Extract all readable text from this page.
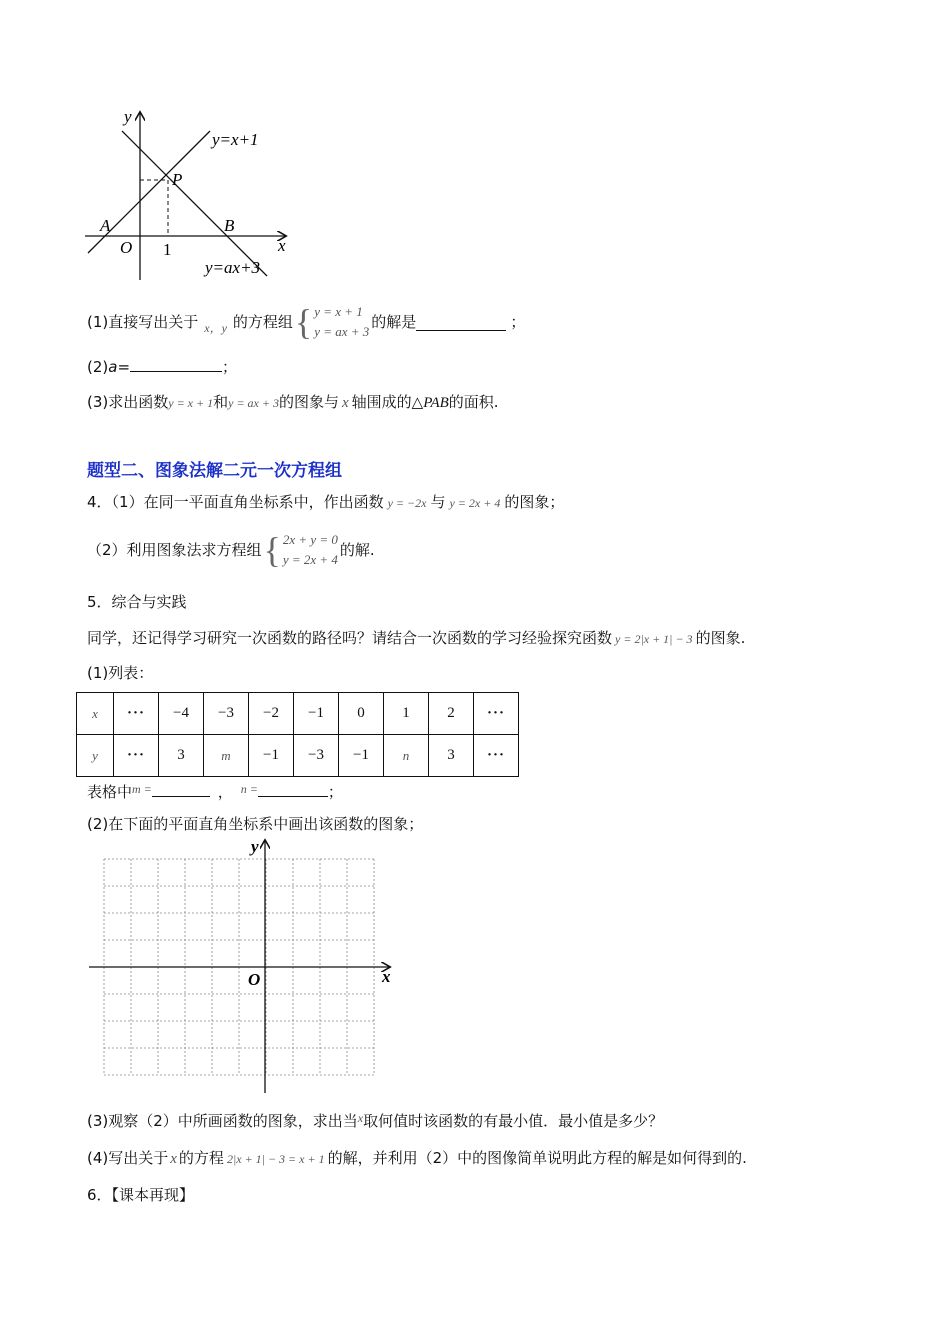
y
x
y=x+1
y=ax+3
P
A	B
O 1
(1)直接写出关于 x，y 的方程组 { y = x + 1
y = ax + 3
的解是	；
(2)a=	；
(3)求出函数y = x + 1和y = ax + 3的图象与 x 轴围成的△PAB的面积.
题型二、图象法解二元一次方程组
4．（1）在同一平面直角坐标系中，作出函数 y = −2x 与 y = 2x + 4 的图象；
（2）利用图象法求方程组 { 2x + y = 0
y = 2x + 4
的解.
5．综合与实践
同学，还记得学习研究一次函数的路径吗？请结合一次函数的学习经验探究函数 y = 2|x + 1| − 3 的图象.
(1)列表：
x	···	−4	−3	−2	−1	0	1	2	···
y	···	3	m	−1	−3	−1	n	3	···
表格中$^{m =}$	， $^{n =}$	；
(2)在下面的平面直角坐标系中画出该函数的图象；
y
x
O
(3)观察（2）中所画函数的图象，求出当$^x$取何值时该函数的有最小值．最小值是多少？
(4)写出关于 x 的方程 2|x + 1| − 3 = x + 1 的解，并利用（2）中的图像简单说明此方程的解是如何得到的.
6．【课本再现】
